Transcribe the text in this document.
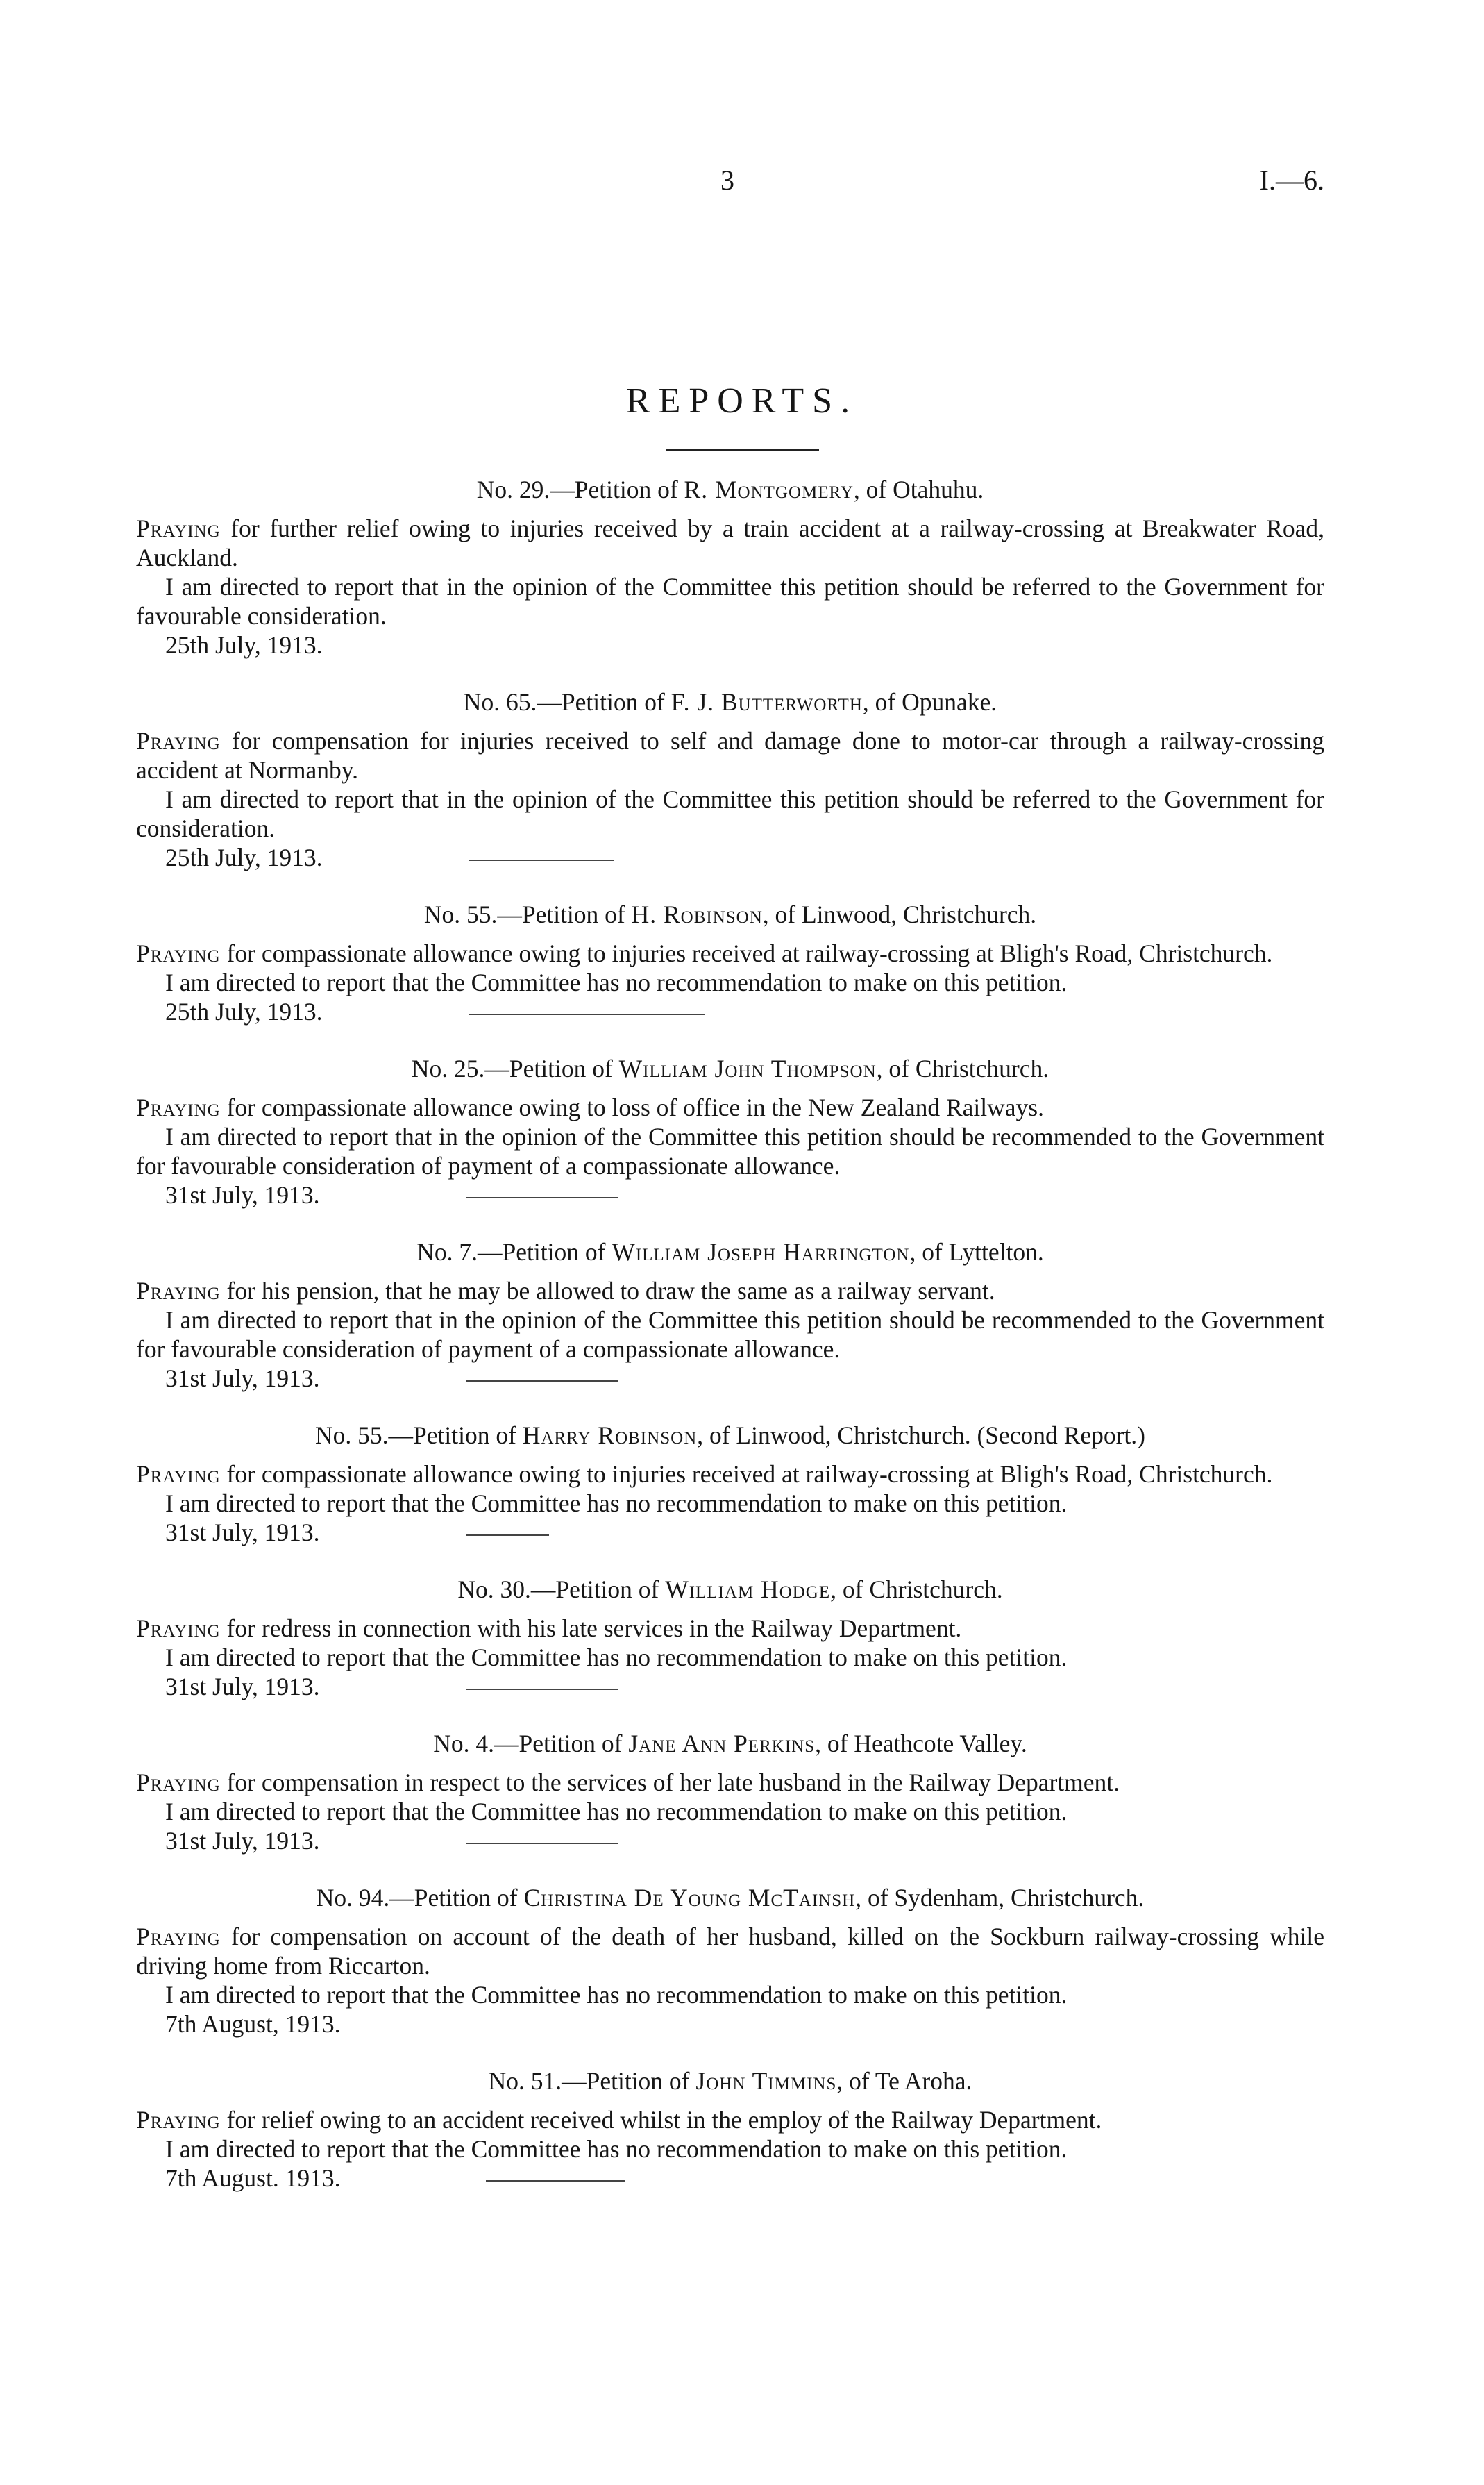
3	I.—6.
REPORTS.
No. 29.—Petition of R. Montgomery, of Otahuhu.
Praying for further relief owing to injuries received by a train accident at a railway-crossing at Breakwater Road, Auckland.
I am directed to report that in the opinion of the Committee this petition should be referred to the Government for favourable consideration.
25th July, 1913.
No. 65.—Petition of F. J. Butterworth, of Opunake.
Praying for compensation for injuries received to self and damage done to motor-car through a railway-crossing accident at Normanby.
I am directed to report that in the opinion of the Committee this petition should be referred to the Government for consideration.
25th July, 1913.
No. 55.—Petition of H. Robinson, of Linwood, Christchurch.
Praying for compassionate allowance owing to injuries received at railway-crossing at Bligh's Road, Christchurch.
I am directed to report that the Committee has no recommendation to make on this petition.
25th July, 1913.
No. 25.—Petition of William John Thompson, of Christchurch.
Praying for compassionate allowance owing to loss of office in the New Zealand Railways.
I am directed to report that in the opinion of the Committee this petition should be recommended to the Government for favourable consideration of payment of a compassionate allowance.
31st July, 1913.
No. 7.—Petition of William Joseph Harrington, of Lyttelton.
Praying for his pension, that he may be allowed to draw the same as a railway servant.
I am directed to report that in the opinion of the Committee this petition should be recommended to the Government for favourable consideration of payment of a compassionate allowance.
31st July, 1913.
No. 55.—Petition of Harry Robinson, of Linwood, Christchurch. (Second Report.)
Praying for compassionate allowance owing to injuries received at railway-crossing at Bligh's Road, Christchurch.
I am directed to report that the Committee has no recommendation to make on this petition.
31st July, 1913.
No. 30.—Petition of William Hodge, of Christchurch.
Praying for redress in connection with his late services in the Railway Department.
I am directed to report that the Committee has no recommendation to make on this petition.
31st July, 1913.
No. 4.—Petition of Jane Ann Perkins, of Heathcote Valley.
Praying for compensation in respect to the services of her late husband in the Railway Department.
I am directed to report that the Committee has no recommendation to make on this petition.
31st July, 1913.
No. 94.—Petition of Christina De Young McTainsh, of Sydenham, Christchurch.
Praying for compensation on account of the death of her husband, killed on the Sockburn railway-crossing while driving home from Riccarton.
I am directed to report that the Committee has no recommendation to make on this petition.
7th August, 1913.
No. 51.—Petition of John Timmins, of Te Aroha.
Praying for relief owing to an accident received whilst in the employ of the Railway Department.
I am directed to report that the Committee has no recommendation to make on this petition.
7th August. 1913.
